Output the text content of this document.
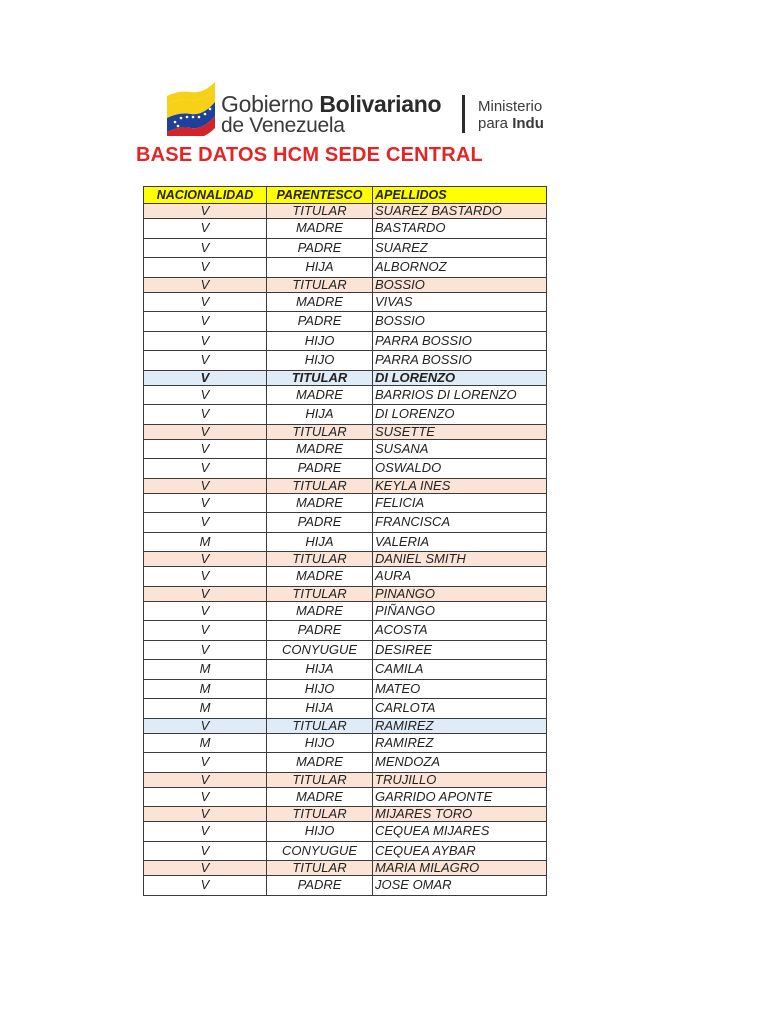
Gobierno Bolivariano
de Venezuela
Ministerio
para Indu
BASE DATOS HCM SEDE CENTRAL
NACIONALIDAD	PARENTESCO	APELLIDOS
V	TITULAR	SUAREZ BASTARDO
V	MADRE	BASTARDO
V	PADRE	SUAREZ
V	HIJA	ALBORNOZ
V	TITULAR	BOSSIO
V	MADRE	VIVAS
V	PADRE	BOSSIO
V	HIJO	PARRA BOSSIO
V	HIJO	PARRA BOSSIO
V	TITULAR	DI LORENZO
V	MADRE	BARRIOS DI LORENZO
V	HIJA	DI LORENZO
V	TITULAR	SUSETTE
V	MADRE	SUSANA
V	PADRE	OSWALDO
V	TITULAR	KEYLA INES
V	MADRE	FELICIA
V	PADRE	FRANCISCA
M	HIJA	VALERIA
V	TITULAR	DANIEL SMITH
V	MADRE	AURA
V	TITULAR	PINANGO
V	MADRE	PIÑANGO
V	PADRE	ACOSTA
V	CONYUGUE	DESIREE
M	HIJA	CAMILA
M	HIJO	MATEO
M	HIJA	CARLOTA
V	TITULAR	RAMIREZ
M	HIJO	RAMIREZ
V	MADRE	MENDOZA
V	TITULAR	TRUJILLO
V	MADRE	GARRIDO APONTE
V	TITULAR	MIJARES TORO
V	HIJO	CEQUEA MIJARES
V	CONYUGUE	CEQUEA AYBAR
V	TITULAR	MARIA MILAGRO
V	PADRE	JOSE OMAR
